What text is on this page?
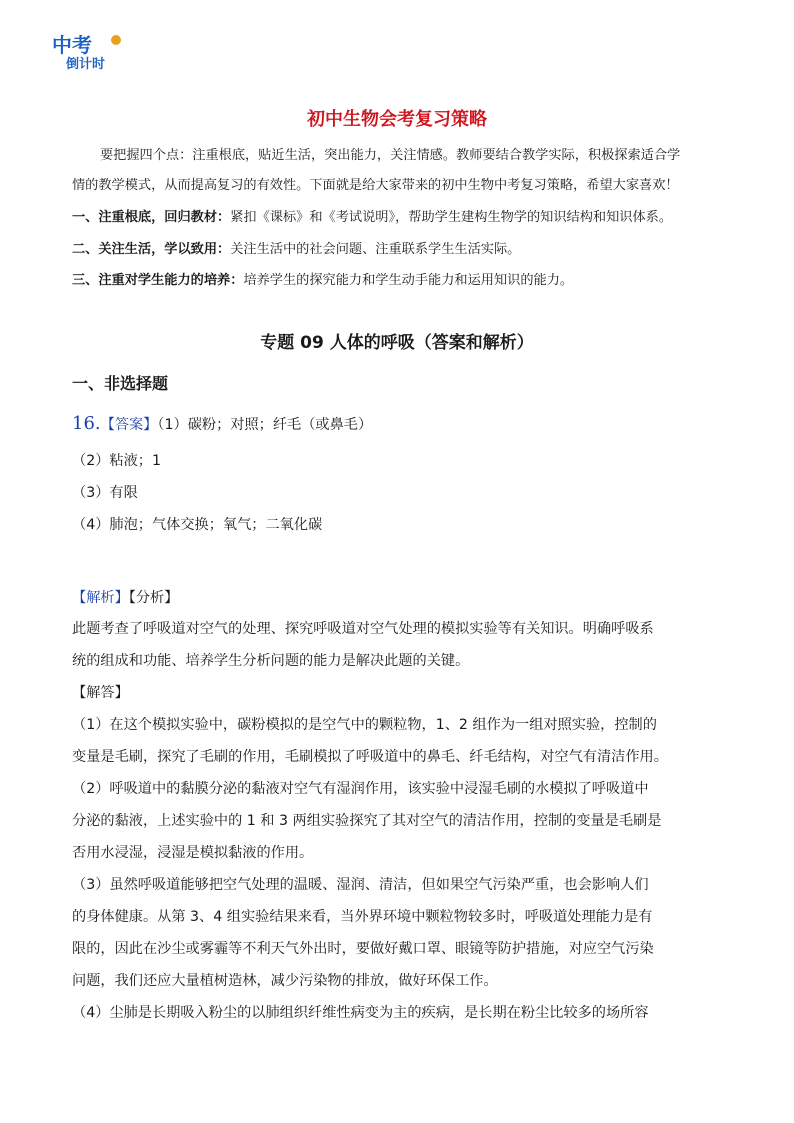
中考
倒计时
初中生物会考复习策略

要把握四个点：注重根底，贴近生活，突出能力，关注情感。教师要结合教学实际，积极探索适合学

情的教学模式，从而提高复习的有效性。下面就是给大家带来的初中生物中考复习策略，希望大家喜欢！

一、注重根底，回归教材：紧扣《课标》和《考试说明》，帮助学生建构生物学的知识结构和知识体系。

二、关注生活，学以致用：关注生活中的社会问题、注重联系学生生活实际。

三、注重对学生能力的培养：培养学生的探究能力和学生动手能力和运用知识的能力。

专题 09 人体的呼吸（答案和解析）
一、非选择题

16.【答案】（1）碳粉；对照；纤毛（或鼻毛）

（2）粘液；1

（3）有限

（4）肺泡；气体交换；氧气；二氧化碳

【解析】【分析】

此题考查了呼吸道对空气的处理、探究呼吸道对空气处理的模拟实验等有关知识。明确呼吸系

统的组成和功能、培养学生分析问题的能力是解决此题的关键。

【解答】

（1）在这个模拟实验中，碳粉模拟的是空气中的颗粒物，1、2 组作为一组对照实验，控制的

变量是毛刷，探究了毛刷的作用，毛刷模拟了呼吸道中的鼻毛、纤毛结构，对空气有清洁作用。

（2）呼吸道中的黏膜分泌的黏液对空气有湿润作用，该实验中浸湿毛刷的水模拟了呼吸道中

分泌的黏液，上述实验中的 1 和 3 两组实验探究了其对空气的清洁作用，控制的变量是毛刷是

否用水浸湿，浸湿是模拟黏液的作用。

（3）虽然呼吸道能够把空气处理的温暖、湿润、清洁，但如果空气污染严重，也会影响人们

的身体健康。从第 3、4 组实验结果来看，当外界环境中颗粒物较多时，呼吸道处理能力是有

限的，因此在沙尘或雾霾等不利天气外出时，要做好戴口罩、眼镜等防护措施，对应空气污染

问题，我们还应大量植树造林，减少污染物的排放，做好环保工作。

（4）尘肺是长期吸入粉尘的以肺组织纤维性病变为主的疾病，是长期在粉尘比较多的场所容
